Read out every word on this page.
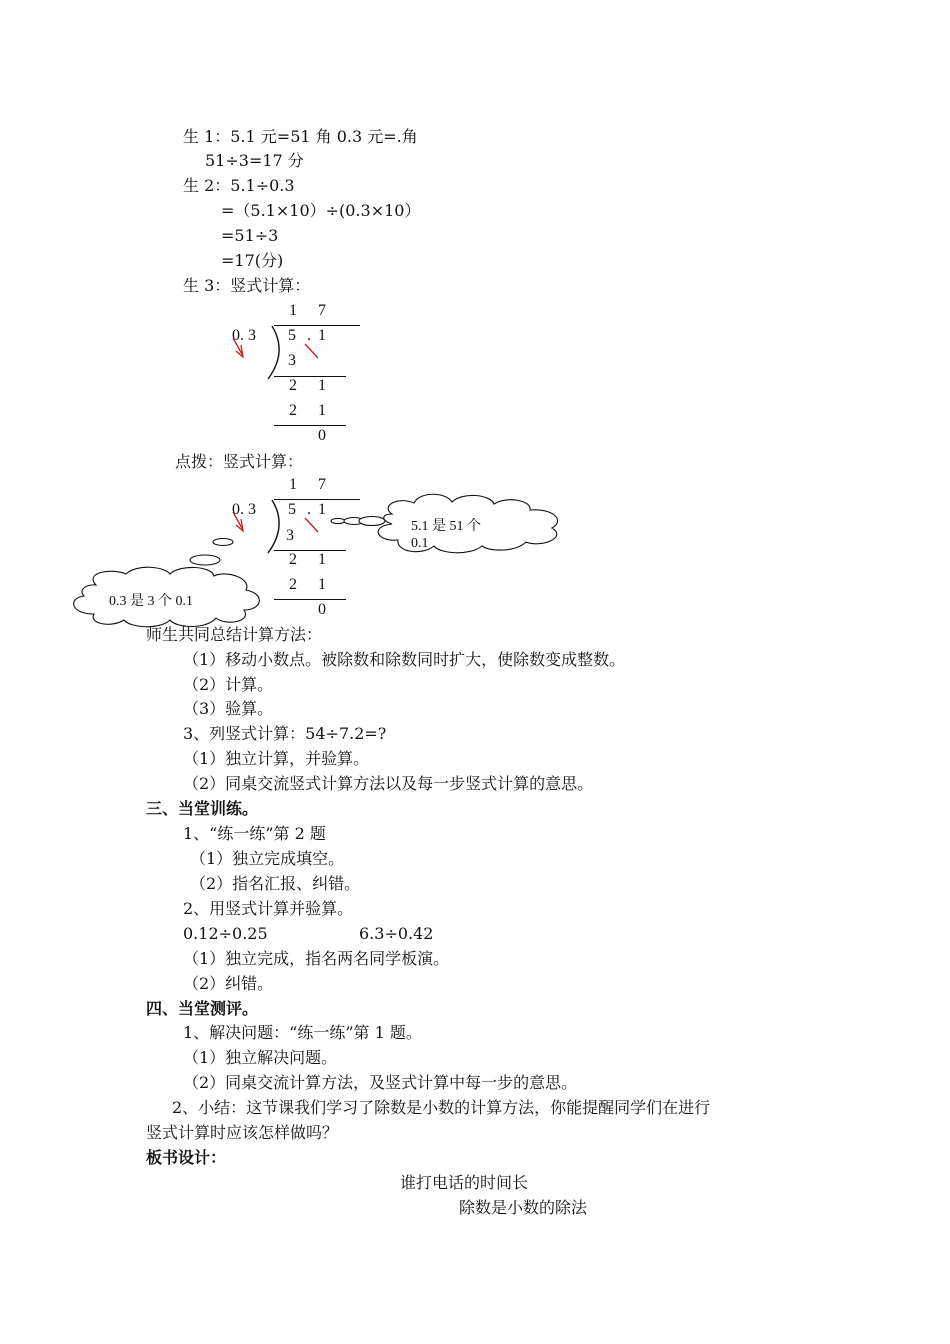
生 1：5.1 元=51 角 0.3 元=.角
51÷3=17 分
生 2：5.1÷0.3
=（5.1×10）÷(0.3×10）
=51÷3
=17(分)
生 3：竖式计算：
1 7
0. 3 5 . 1
3
2 1
2 1
0
点拨：竖式计算：
1 7
0. 3 5 . 1
3
2 1
2 1
0
5.1 是 51 个
0.1
0.3 是 3 个 0.1
师生共同总结计算方法：
（1）移动小数点。被除数和除数同时扩大，使除数变成整数。
（2）计算。
（3）验算。
3、列竖式计算：54÷7.2=?
（1）独立计算，并验算。
（2）同桌交流竖式计算方法以及每一步竖式计算的意思。
三、当堂训练。
1、“练一练”第 2 题
（1）独立完成填空。
（2）指名汇报、纠错。
2、用竖式计算并验算。
0.12÷0.25	6.3÷0.42
（1）独立完成，指名两名同学板演。
（2）纠错。
四、当堂测评。
1、解决问题：“练一练”第 1 题。
（1）独立解决问题。
（2）同桌交流计算方法，及竖式计算中每一步的意思。
2、小结：这节课我们学习了除数是小数的计算方法，你能提醒同学们在进行
竖式计算时应该怎样做吗？
板书设计：
谁打电话的时间长
除数是小数的除法
